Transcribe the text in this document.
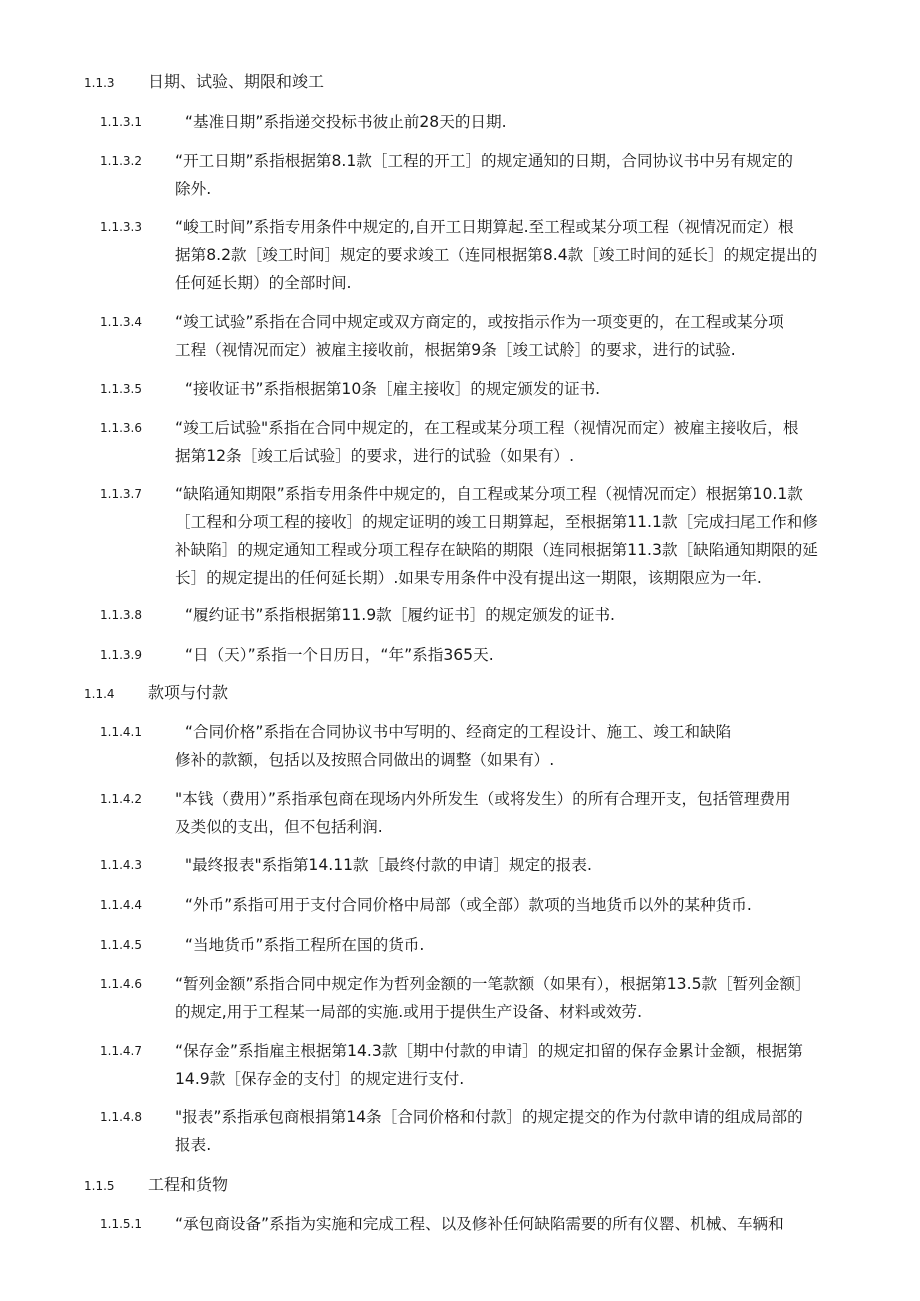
1.1.3 日期、试验、期限和竣工
1.1.3.1 “基准日期”系指递交投标书彼止前28天的日期.
1.1.3.2 “开工日期”系指根据第8.1款［工程的开工］的规定通知的日期，合同协议书中另有规定的
除外.
1.1.3.3 “峻工时间”系指专用条件中规定的,自开工日期算起.至工程或某分项工程（视情况而定）根
据第8.2款［竣工时间］规定的要求竣工（连同根据第8.4款［竣工时间的延长］的规定提出的
任何延长期）的全部时间.
1.1.3.4 “竣工试验”系指在合同中规定或双方商定的，或按指示作为一项变更的，在工程或某分项
工程（视情况而定）被雇主接收前，根据第9条［竣工试舲］的要求，进行的试验.
1.1.3.5 “接收证书”系指根据第10条［雇主接收］的规定颁发的证书.
1.1.3.6 “竣工后试验"系指在合同中规定的，在工程或某分项工程（视情况而定）被雇主接收后，根
据第12条［竣工后试验］的要求，进行的试验（如果有）.
1.1.3.7 “缺陷通知期限”系指专用条件中规定的，自工程或某分项工程（视情况而定）根据第10.1款
［工程和分项工程的接收］的规定证明的竣工日期算起，至根据第11.1款［完成扫尾工作和修
补缺陷］的规定通知工程或分项工程存在缺陷的期限（连同根据第11.3款［缺陷通知期限的延
长］的规定提出的任何延长期）.如果专用条件中没有提出这一期限，该期限应为一年.
1.1.3.8 “履约证书”系指根据第11.9款［履约证书］的规定颁发的证书.
1.1.3.9 “日（天）”系指一个日历日，“年”系指365天.
1.1.4 款项与付款
1.1.4.1 “合同价格”系指在合同协议书中写明的、经商定的工程设计、施工、竣工和缺陷
修补的款额，包括以及按照合同做出的调整（如果有）.
1.1.4.2 "本钱（费用）”系指承包商在现场内外所发生（或将发生）的所有合理开支，包括管理费用
及类似的支出，但不包括利润.
1.1.4.3 "最终报表"系指第14.11款［最终付款的申请］规定的报表.
1.1.4.4 “外币”系指可用于支付合同价格中局部（或全部）款项的当地货币以外的某种货币.
1.1.4.5 “当地货币”系指工程所在国的货币.
1.1.4.6 “暂列金额”系指合同中规定作为哲列金额的一笔款额（如果有），根据第13.5款［暂列金额］
的规定,用于工程某一局部的实施.或用于提供生产设备、材料或效劳.
1.1.4.7 “保存金”系指雇主根据第14.3款［期中付款的申请］的规定扣留的保存金累计金额，根据第
14.9款［保存金的支付］的规定进行支付.
1.1.4.8 "报表”系指承包商根捐第14条［合同价格和付款］的规定提交的作为付款申请的组成局部的
报表.
1.1.5 工程和货物
1.1.5.1 “承包商设备”系指为实施和完成工程、以及修补任何缺陷需要的所有仪罂、机械、车辆和
